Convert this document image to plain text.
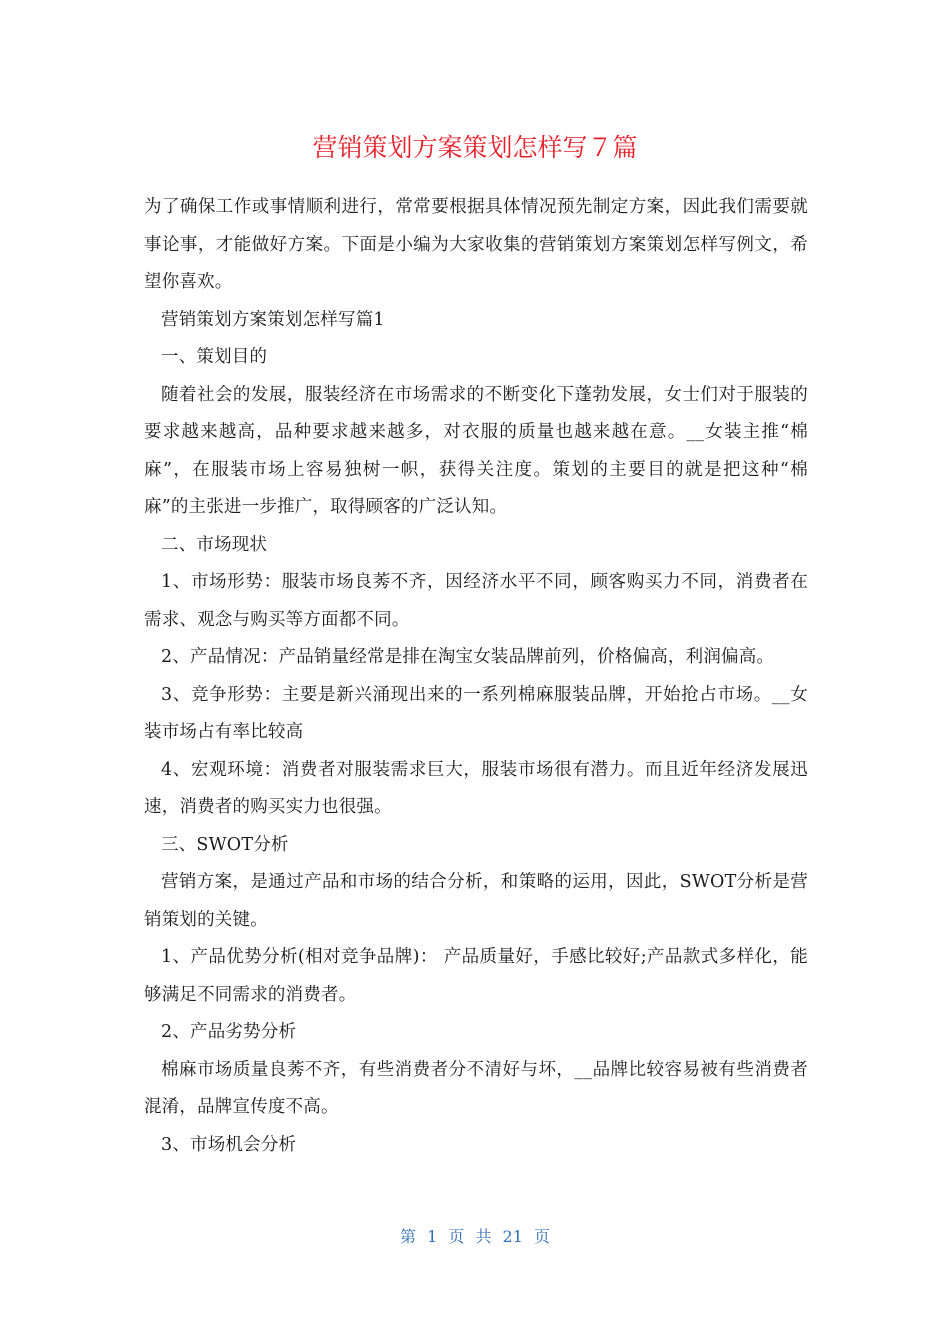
营销策划方案策划怎样写７篇

为了确保工作或事情顺利进行，常常要根据具体情况预先制定方案，因此我们需要就事论事，才能做好方案。下面是小编为大家收集的营销策划方案策划怎样写例文，希望你喜欢。

营销策划方案策划怎样写篇1

一、策划目的

随着社会的发展，服装经济在市场需求的不断变化下蓬勃发展，女士们对于服装的要求越来越高，品种要求越来越多，对衣服的质量也越来越在意。__女装主推“棉麻”，在服装市场上容易独树一帜，获得关注度。策划的主要目的就是把这种“棉麻”的主张进一步推广，取得顾客的广泛认知。

二、市场现状

1、市场形势：服装市场良莠不齐，因经济水平不同，顾客购买力不同，消费者在需求、观念与购买等方面都不同。

2、产品情况：产品销量经常是排在淘宝女装品牌前列，价格偏高，利润偏高。

3、竞争形势：主要是新兴涌现出来的一系列棉麻服装品牌，开始抢占市场。__女装市场占有率比较高

4、宏观环境：消费者对服装需求巨大，服装市场很有潜力。而且近年经济发展迅速，消费者的购买实力也很强。

三、SWOT分析

营销方案，是通过产品和市场的结合分析，和策略的运用，因此，SWOT分析是营销策划的关键。

1、产品优势分析(相对竞争品牌)： 产品质量好，手感比较好;产品款式多样化，能够满足不同需求的消费者。

2、产品劣势分析

棉麻市场质量良莠不齐，有些消费者分不清好与坏，__品牌比较容易被有些消费者混淆，品牌宣传度不高。

3、市场机会分析

第 1 页 共 21 页
